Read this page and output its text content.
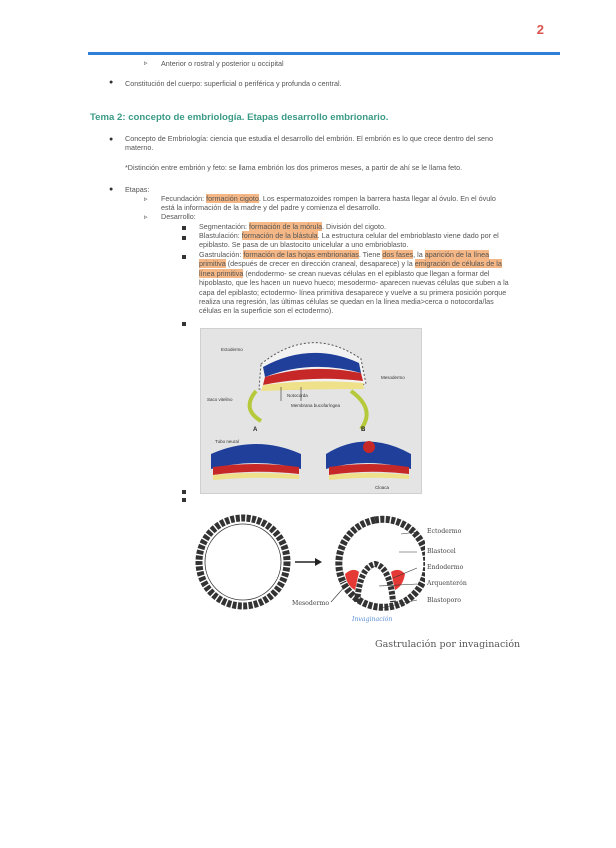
2
▹ Anterior o rostral y posterior u occipital
● Constitución del cuerpo: superficial o periférica y profunda o central.
Tema 2: concepto de embriología. Etapas desarrollo embrionario.
● Concepto de Embriología: ciencia que estudia el desarrollo del embrión. El embrión es lo que crece dentro del seno
materno.
*Distinción entre embrión y feto: se llama embrión los dos primeros meses, a partir de ahí se le llama feto.
● Etapas:
▹ Fecundación: formación cigoto. Los espermatozoides rompen la barrera hasta llegar al óvulo. En el óvulo
está la información de la madre y del padre y comienza el desarrollo.
▹ Desarrollo:
Segmentación: formación de la mórula. División del cigoto.
Blastulación: formación de la blástula. La estructura celular del embrioblasto viene dado por el
epiblasto. Se pasa de un blastocito unicelular a uno embrioblasto.
Gastrulación: formación de las hojas embrionarias. Tiene dos fases, la aparición de la línea
primitiva (después de crecer en dirección craneal, desaparece) y la emigración de células de la
línea primitiva (endodermo- se crean nuevas células en el epiblasto que llegan a formar del
hipoblasto, que les hacen un nuevo hueco; mesodermo- aparecen nuevas células que suben a la
capa del epiblasto; ectodermo- línea primitiva desaparece y vuelve a su primera posición porque
realiza una regresión, las últimas células se quedan en la línea media>cerca o notocorda/las
células en la superficie son el ectodermo).
Ectodermo
Notocorda
Mesodermo
Saco vitelino
Membrana bucofaríngea
Tubo neural
Cloaca
A	B
Ectodermo
Blastocel
Endodermo
Arquenterón
Blastoporo
Mesodermo
Invaginación
Gastrulación por invaginación
